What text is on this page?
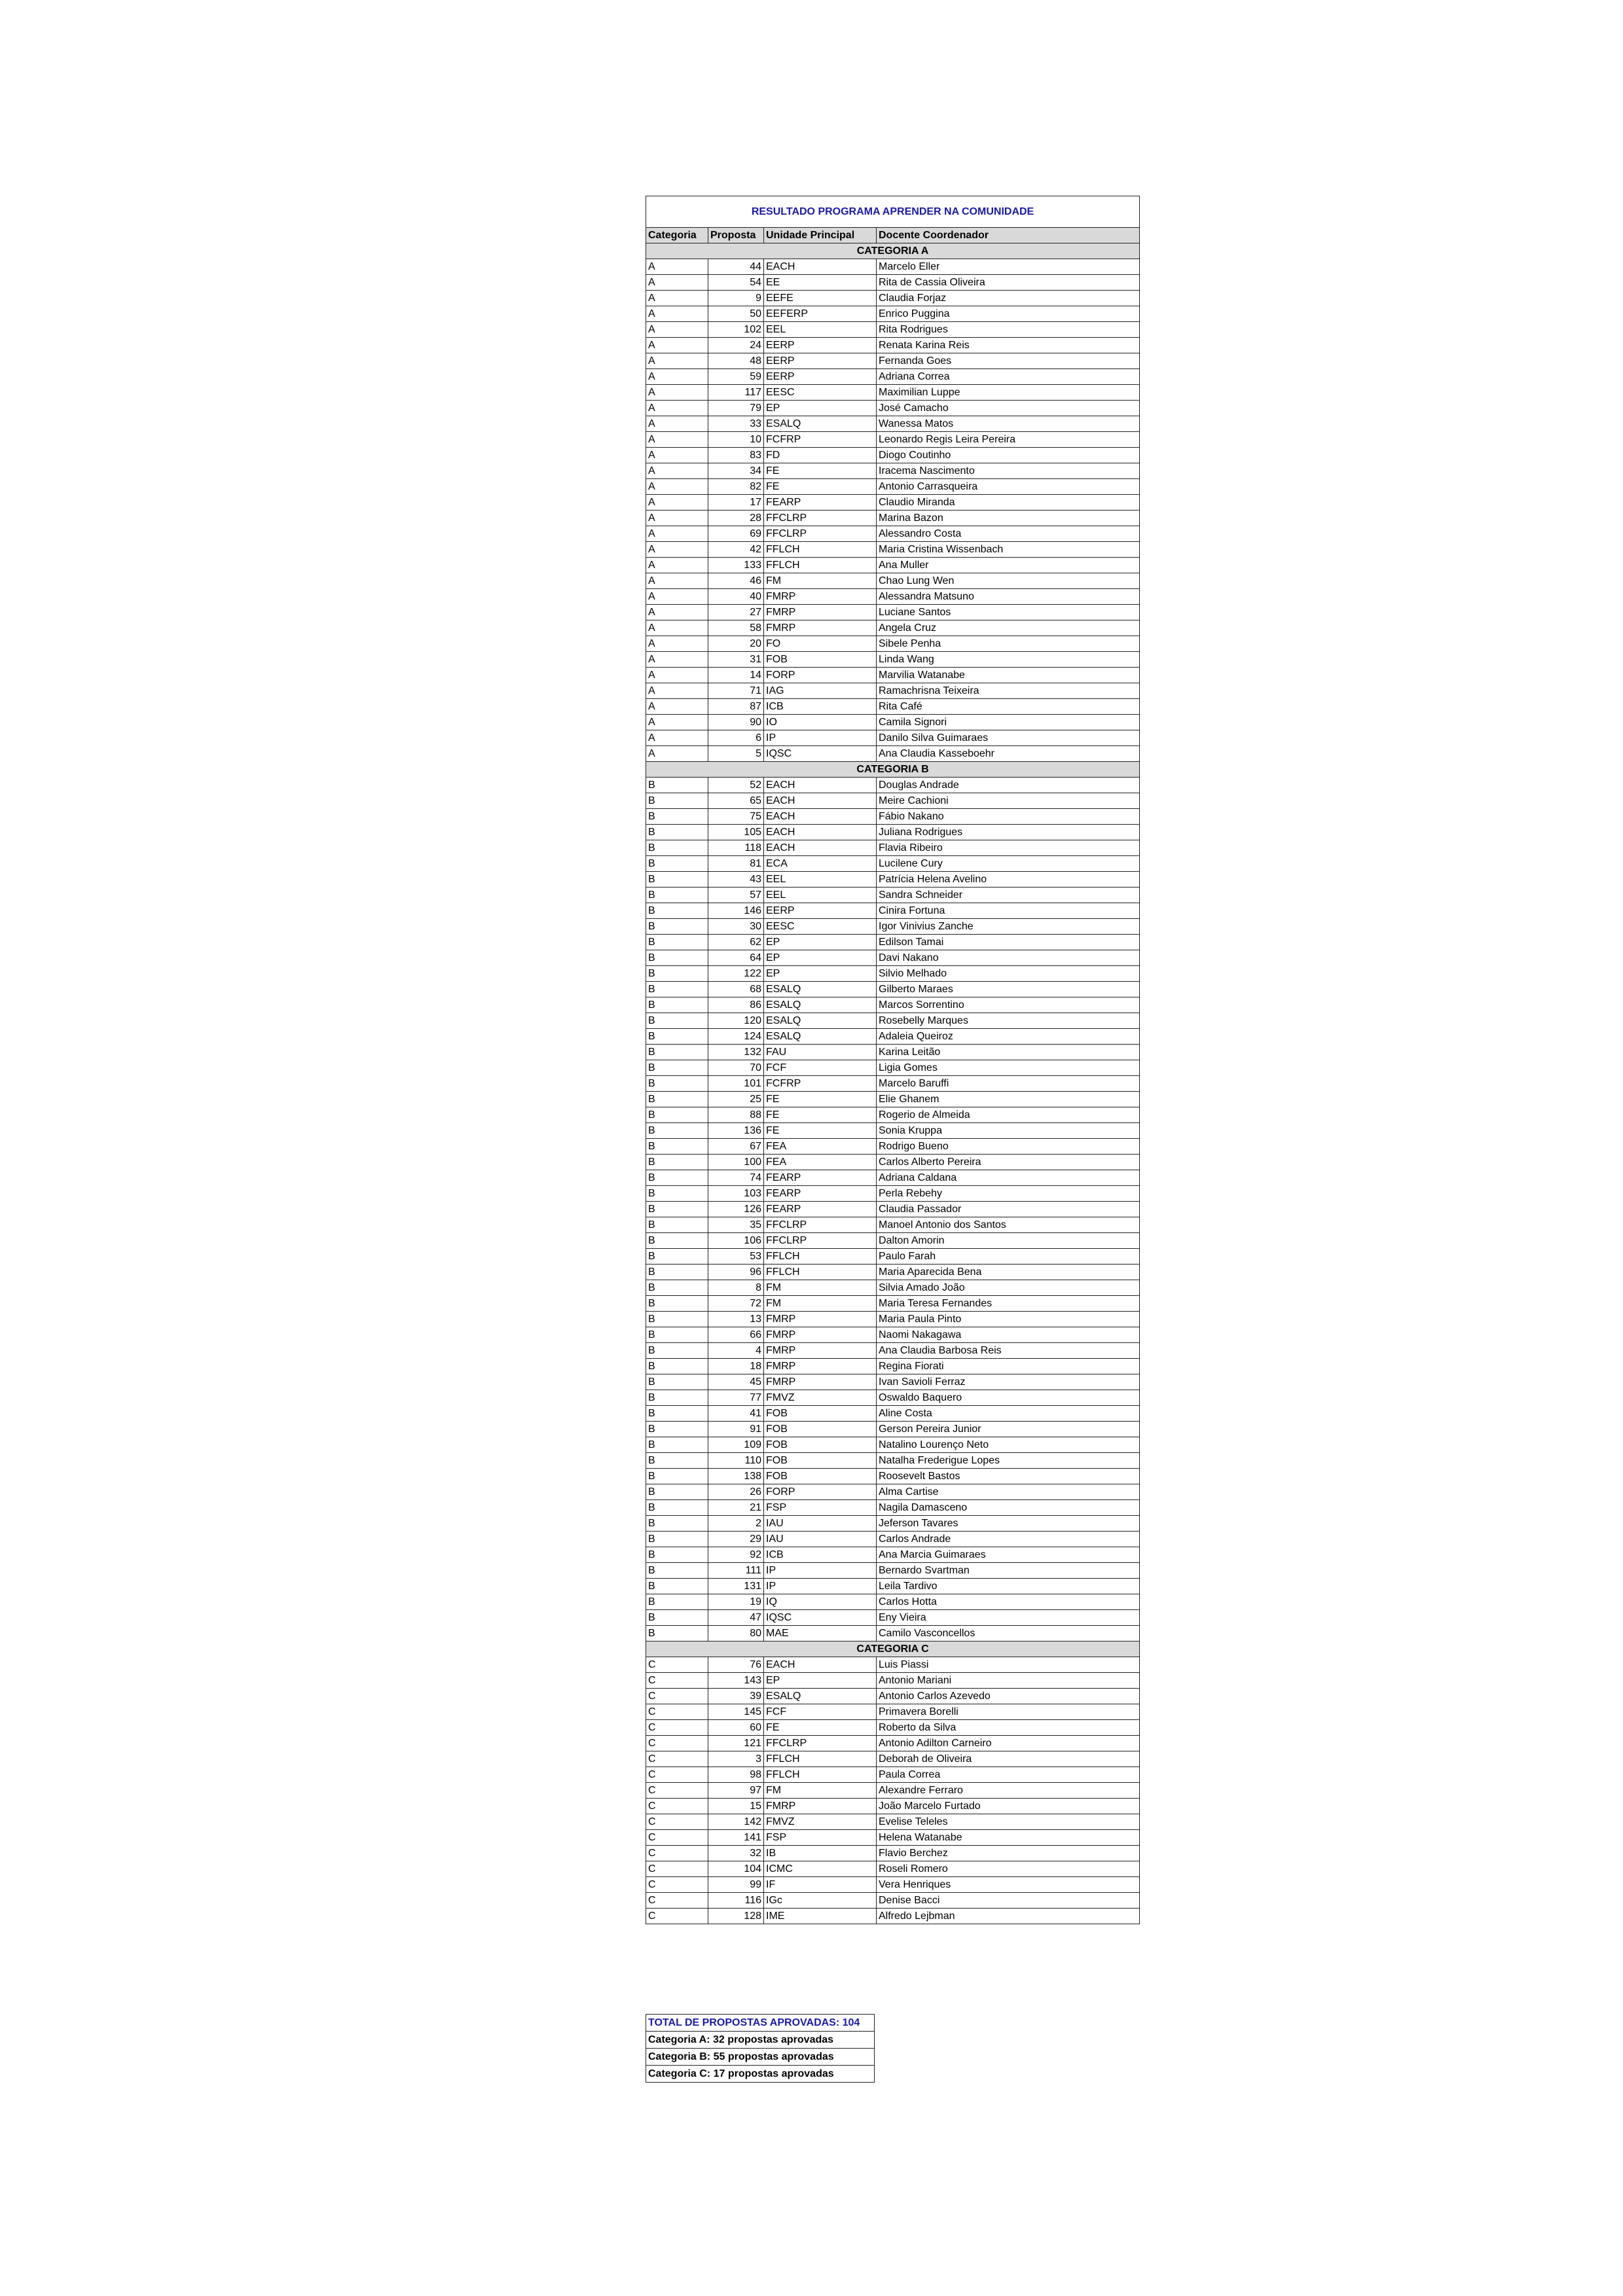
RESULTADO PROGRAMA APRENDER NA COMUNIDADE			
Categoria	Proposta	Unidade Principal	Docente Coordenador
CATEGORIA A			
A	44	EACH	Marcelo Eller
A	54	EE	Rita de Cassia Oliveira
A	9	EEFE	Claudia Forjaz
A	50	EEFERP	Enrico Puggina
A	102	EEL	Rita Rodrigues
A	24	EERP	Renata Karina Reis
A	48	EERP	Fernanda Goes
A	59	EERP	Adriana Correa
A	117	EESC	Maximilian Luppe
A	79	EP	José Camacho
A	33	ESALQ	Wanessa Matos
A	10	FCFRP	Leonardo Regis Leira Pereira
A	83	FD	Diogo Coutinho
A	34	FE	Iracema Nascimento
A	82	FE	Antonio Carrasqueira
A	17	FEARP	Claudio Miranda
A	28	FFCLRP	Marina Bazon
A	69	FFCLRP	Alessandro Costa
A	42	FFLCH	Maria Cristina Wissenbach
A	133	FFLCH	Ana Muller
A	46	FM	Chao Lung Wen
A	40	FMRP	Alessandra Matsuno
A	27	FMRP	Luciane Santos
A	58	FMRP	Angela Cruz
A	20	FO	Sibele Penha
A	31	FOB	Linda Wang
A	14	FORP	Marvilia Watanabe
A	71	IAG	Ramachrisna Teixeira
A	87	ICB	Rita Café
A	90	IO	Camila Signori
A	6	IP	Danilo Silva Guimaraes
A	5	IQSC	Ana Claudia Kasseboehr
CATEGORIA B			
B	52	EACH	Douglas Andrade
B	65	EACH	Meire Cachioni
B	75	EACH	Fábio Nakano
B	105	EACH	Juliana Rodrigues
B	118	EACH	Flavia Ribeiro
B	81	ECA	Lucilene Cury
B	43	EEL	Patrícia Helena Avelino
B	57	EEL	Sandra Schneider
B	146	EERP	Cinira Fortuna
B	30	EESC	Igor Vinivius Zanche
B	62	EP	Edilson Tamai
B	64	EP	Davi Nakano
B	122	EP	Silvio Melhado
B	68	ESALQ	Gilberto Maraes
B	86	ESALQ	Marcos Sorrentino
B	120	ESALQ	Rosebelly Marques
B	124	ESALQ	Adaleia Queiroz
B	132	FAU	Karina Leitão
B	70	FCF	Ligia Gomes
B	101	FCFRP	Marcelo Baruffi
B	25	FE	Elie Ghanem
B	88	FE	Rogerio de Almeida
B	136	FE	Sonia Kruppa
B	67	FEA	Rodrigo Bueno
B	100	FEA	Carlos Alberto Pereira
B	74	FEARP	Adriana Caldana
B	103	FEARP	Perla Rebehy
B	126	FEARP	Claudia Passador
B	35	FFCLRP	Manoel Antonio dos Santos
B	106	FFCLRP	Dalton Amorin
B	53	FFLCH	Paulo Farah
B	96	FFLCH	Maria Aparecida Bena
B	8	FM	Silvia Amado João
B	72	FM	Maria Teresa Fernandes
B	13	FMRP	Maria Paula Pinto
B	66	FMRP	Naomi Nakagawa
B	4	FMRP	Ana Claudia Barbosa Reis
B	18	FMRP	Regina Fiorati
B	45	FMRP	Ivan Savioli Ferraz
B	77	FMVZ	Oswaldo Baquero
B	41	FOB	Aline Costa
B	91	FOB	Gerson Pereira Junior
B	109	FOB	Natalino Lourenço Neto
B	110	FOB	Natalha Frederigue Lopes
B	138	FOB	Roosevelt Bastos
B	26	FORP	Alma Cartise
B	21	FSP	Nagila Damasceno
B	2	IAU	Jeferson Tavares
B	29	IAU	Carlos Andrade
B	92	ICB	Ana Marcia Guimaraes
B	111	IP	Bernardo Svartman
B	131	IP	Leila Tardivo
B	19	IQ	Carlos Hotta
B	47	IQSC	Eny Vieira
B	80	MAE	Camilo Vasconcellos
CATEGORIA C			
C	76	EACH	Luis Piassi
C	143	EP	Antonio Mariani
C	39	ESALQ	Antonio Carlos Azevedo
C	145	FCF	Primavera Borelli
C	60	FE	Roberto da Silva
C	121	FFCLRP	Antonio Adilton Carneiro
C	3	FFLCH	Deborah de Oliveira
C	98	FFLCH	Paula Correa
C	97	FM	Alexandre Ferraro
C	15	FMRP	João Marcelo Furtado
C	142	FMVZ	Evelise Teleles
C	141	FSP	Helena Watanabe
C	32	IB	Flavio Berchez
C	104	ICMC	Roseli Romero
C	99	IF	Vera Henriques
C	116	IGc	Denise Bacci
C	128	IME	Alfredo Lejbman
TOTAL DE PROPOSTAS APROVADAS: 104
Categoria A: 32 propostas aprovadas
Categoria B: 55 propostas aprovadas
Categoria C: 17 propostas aprovadas
